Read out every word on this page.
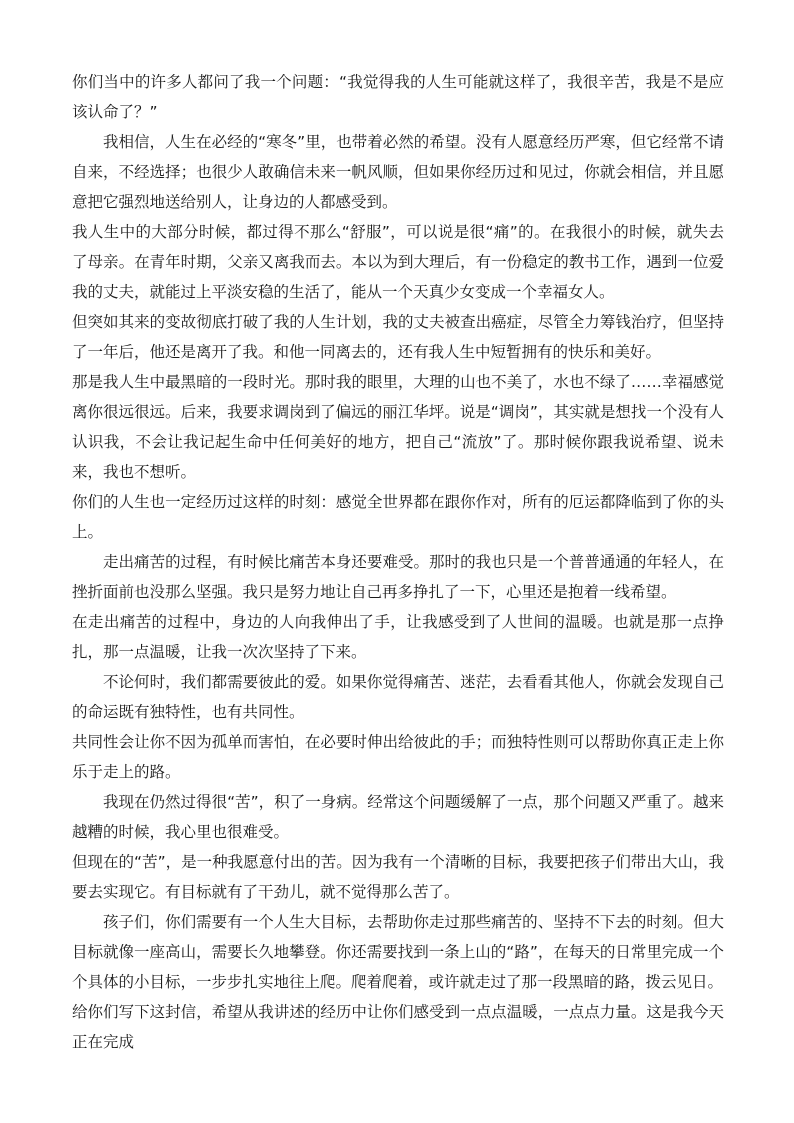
你们当中的许多人都问了我一个问题：“我觉得我的人生可能就这样了，我很辛苦，我是不是应该认命了？”

我相信，人生在必经的“寒冬”里，也带着必然的希望。没有人愿意经历严寒，但它经常不请自来，不经选择；也很少人敢确信未来一帆风顺，但如果你经历过和见过，你就会相信，并且愿意把它强烈地送给别人，让身边的人都感受到。

我人生中的大部分时候，都过得不那么“舒服”，可以说是很“痛”的。在我很小的时候，就失去了母亲。在青年时期，父亲又离我而去。本以为到大理后，有一份稳定的教书工作，遇到一位爱我的丈夫，就能过上平淡安稳的生活了，能从一个天真少女变成一个幸福女人。

但突如其来的变故彻底打破了我的人生计划，我的丈夫被查出癌症，尽管全力筹钱治疗，但坚持了一年后，他还是离开了我。和他一同离去的，还有我人生中短暂拥有的快乐和美好。

那是我人生中最黑暗的一段时光。那时我的眼里，大理的山也不美了，水也不绿了……幸福感觉离你很远很远。后来，我要求调岗到了偏远的丽江华坪。说是“调岗”，其实就是想找一个没有人认识我，不会让我记起生命中任何美好的地方，把自己“流放”了。那时候你跟我说希望、说未来，我也不想听。

你们的人生也一定经历过这样的时刻：感觉全世界都在跟你作对，所有的厄运都降临到了你的头上。

走出痛苦的过程，有时候比痛苦本身还要难受。那时的我也只是一个普普通通的年轻人，在挫折面前也没那么坚强。我只是努力地让自己再多挣扎了一下，心里还是抱着一线希望。

在走出痛苦的过程中，身边的人向我伸出了手，让我感受到了人世间的温暖。也就是那一点挣扎，那一点温暖，让我一次次坚持了下来。

不论何时，我们都需要彼此的爱。如果你觉得痛苦、迷茫，去看看其他人，你就会发现自己的命运既有独特性，也有共同性。

共同性会让你不因为孤单而害怕，在必要时伸出给彼此的手；而独特性则可以帮助你真正走上你乐于走上的路。

我现在仍然过得很“苦”，积了一身病。经常这个问题缓解了一点，那个问题又严重了。越来越糟的时候，我心里也很难受。

但现在的“苦”，是一种我愿意付出的苦。因为我有一个清晰的目标，我要把孩子们带出大山，我要去实现它。有目标就有了干劲儿，就不觉得那么苦了。

孩子们，你们需要有一个人生大目标，去帮助你走过那些痛苦的、坚持不下去的时刻。但大目标就像一座高山，需要长久地攀登。你还需要找到一条上山的“路”，在每天的日常里完成一个个具体的小目标，一步步扎实地往上爬。爬着爬着，或许就走过了那一段黑暗的路，拨云见日。

给你们写下这封信，希望从我讲述的经历中让你们感受到一点点温暖，一点点力量。这是我今天正在完成
